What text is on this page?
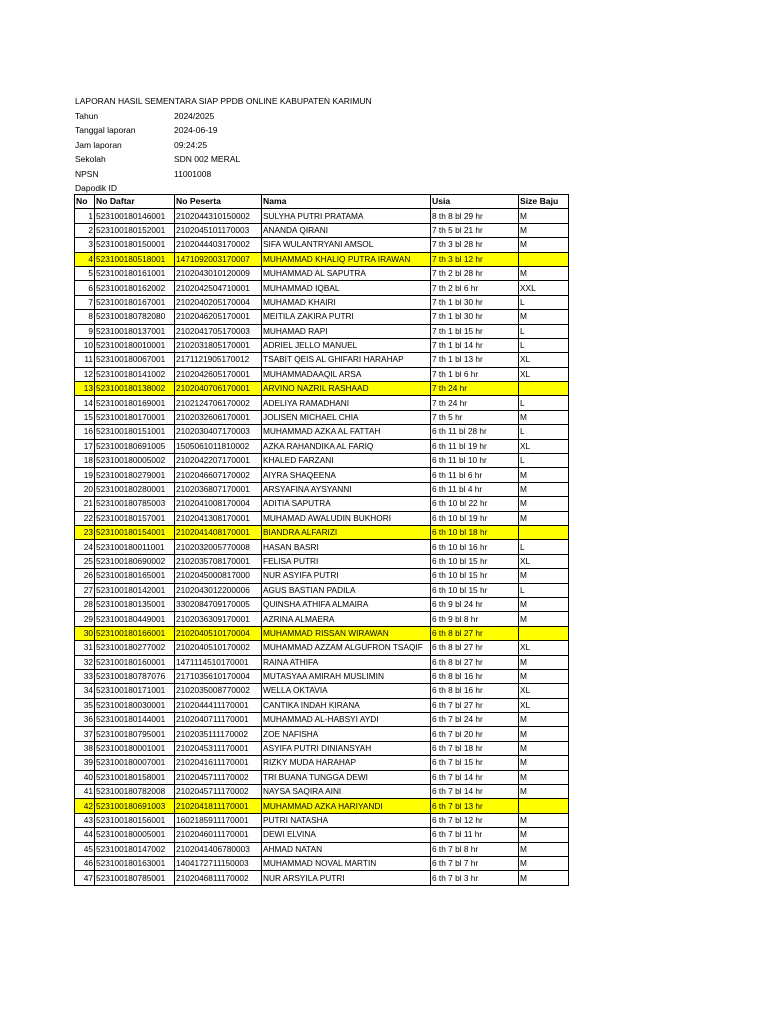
LAPORAN HASIL SEMENTARA SIAP PPDB ONLINE KABUPATEN KARIMUN
Tahun	2024/2025
Tanggal laporan	2024-06-19
Jam laporan	09:24:25
Sekolah	SDN 002 MERAL
NPSN	11001008
Dapodik ID
No	No Daftar	No Peserta	Nama	Usia	Size Baju
1	523100180146001	2102044310150002	SULYHA PUTRI PRATAMA	8 th 8 bl 29 hr	M
2	523100180152001	2102045101170003	ANANDA QIRANI	7 th 5 bl 21 hr	M
3	523100180150001	2102044403170002	SIFA WULANTRYANI AMSOL	7 th 3 bl 28 hr	M
4	523100180518001	1471092003170007	MUHAMMAD KHALIQ PUTRA IRAWAN	7 th 3 bl 12 hr	
5	523100180161001	2102043010120009	MUHAMMAD AL SAPUTRA	7 th 2 bl 28 hr	M
6	523100180162002	2102042504710001	MUHAMMAD IQBAL	7 th 2 bl 6 hr	XXL
7	523100180167001	2102040205170004	MUHAMAD KHAIRI	7 th 1 bl 30 hr	L
8	523100180782080	2102046205170001	MEITILA ZAKIRA PUTRI	7 th 1 bl 30 hr	M
9	523100180137001	2102041705170003	MUHAMAD RAPI	7 th 1 bl 15 hr	L
10	523100180010001	2102031805170001	ADRIEL JELLO MANUEL	7 th 1 bl 14 hr	L
11	523100180067001	2171121905170012	TSABIT QEIS AL GHIFARI HARAHAP	7 th 1 bl 13 hr	XL
12	523100180141002	2102042605170001	MUHAMMADAAQIL ARSA	7 th 1 bl 6 hr	XL
13	523100180138002	2102040706170001	ARVINO NAZRIL RASHAAD	7 th 24 hr	
14	523100180169001	2102124706170002	ADELIYA RAMADHANI	7 th 24 hr	L
15	523100180170001	2102032606170001	JOLISEN MICHAEL CHIA	7 th 5 hr	M
16	523100180151001	2102030407170003	MUHAMMAD AZKA AL FATTAH	6 th 11 bl 28 hr	L
17	523100180691005	1505061011810002	AZKA RAHANDIKA AL FARIQ	6 th 11 bl 19 hr	XL
18	523100180005002	2102042207170001	KHALED FARZANI	6 th 11 bl 10 hr	L
19	523100180279001	2102046607170002	AIYRA SHAQEENA	6 th 11 bl 6 hr	M
20	523100180280001	2102036807170001	ARSYAFINA AYSYANNI	6 th 11 bl 4 hr	M
21	523100180785003	2102041008170004	ADITIA SAPUTRA	6 th 10 bl 22 hr	M
22	523100180157001	2102041308170001	MUHAMAD AWALUDIN BUKHORI	6 th 10 bl 19 hr	M
23	523100180154001	2102041408170001	BIANDRA ALFARIZI	6 th 10 bl 18 hr	
24	523100180011001	2102032005770008	HASAN BASRI	6 th 10 bl 16 hr	L
25	523100180690002	2102035708170001	FELISA PUTRI	6 th 10 bl 15 hr	XL
26	523100180165001	2102045000817000	NUR ASYIFA PUTRI	6 th 10 bl 15 hr	M
27	523100180142001	2102043012200006	AGUS BASTIAN PADILA	6 th 10 bl 15 hr	L
28	523100180135001	3302084709170005	QUINSHA ATHIFA ALMAIRA	6 th 9 bl 24 hr	M
29	523100180449001	2102036309170001	AZRINA ALMAERA	6 th 9 bl 8 hr	M
30	523100180166001	2102040510170004	MUHAMMAD RISSAN WIRAWAN	6 th 8 bl 27 hr	
31	523100180277002	2102040510170002	MUHAMMAD AZZAM ALGUFRON TSAQIF	6 th 8 bl 27 hr	XL
32	523100180160001	1471114510170001	RAINA ATHIFA	6 th 8 bl 27 hr	M
33	523100180787076	2171035610170004	MUTASYAA AMIRAH MUSLIMIN	6 th 8 bl 16 hr	M
34	523100180171001	2102035008770002	WELLA OKTAVIA	6 th 8 bl 16 hr	XL
35	523100180030001	2102044411170001	CANTIKA INDAH KIRANA	6 th 7 bl 27 hr	XL
36	523100180144001	2102040711170001	MUHAMMAD AL-HABSYI AYDI	6 th 7 bl 24 hr	M
37	523100180795001	2102035111170002	ZOE NAFISHA	6 th 7 bl 20 hr	M
38	523100180001001	2102045311170001	ASYIFA PUTRI DINIANSYAH	6 th 7 bl 18 hr	M
39	523100180007001	2102041611170001	RIZKY MUDA HARAHAP	6 th 7 bl 15 hr	M
40	523100180158001	2102045711170002	TRI BUANA TUNGGA DEWI	6 th 7 bl 14 hr	M
41	523100180782008	2102045711170002	NAYSA SAQIRA AINI	6 th 7 bl 14 hr	M
42	523100180691003	2102041811170001	MUHAMMAD AZKA HARIYANDI	6 th 7 bl 13 hr	
43	523100180156001	1602185911170001	PUTRI NATASHA	6 th 7 bl 12 hr	M
44	523100180005001	2102046011170001	DEWI ELVINA	6 th 7 bl 11 hr	M
45	523100180147002	2102041406780003	AHMAD NATAN	6 th 7 bl 8 hr	M
46	523100180163001	1404172711150003	MUHAMMAD NOVAL MARTIN	6 th 7 bl 7 hr	M
47	523100180785001	2102046811170002	NUR ARSYILA PUTRI	6 th 7 bl 3 hr	M
